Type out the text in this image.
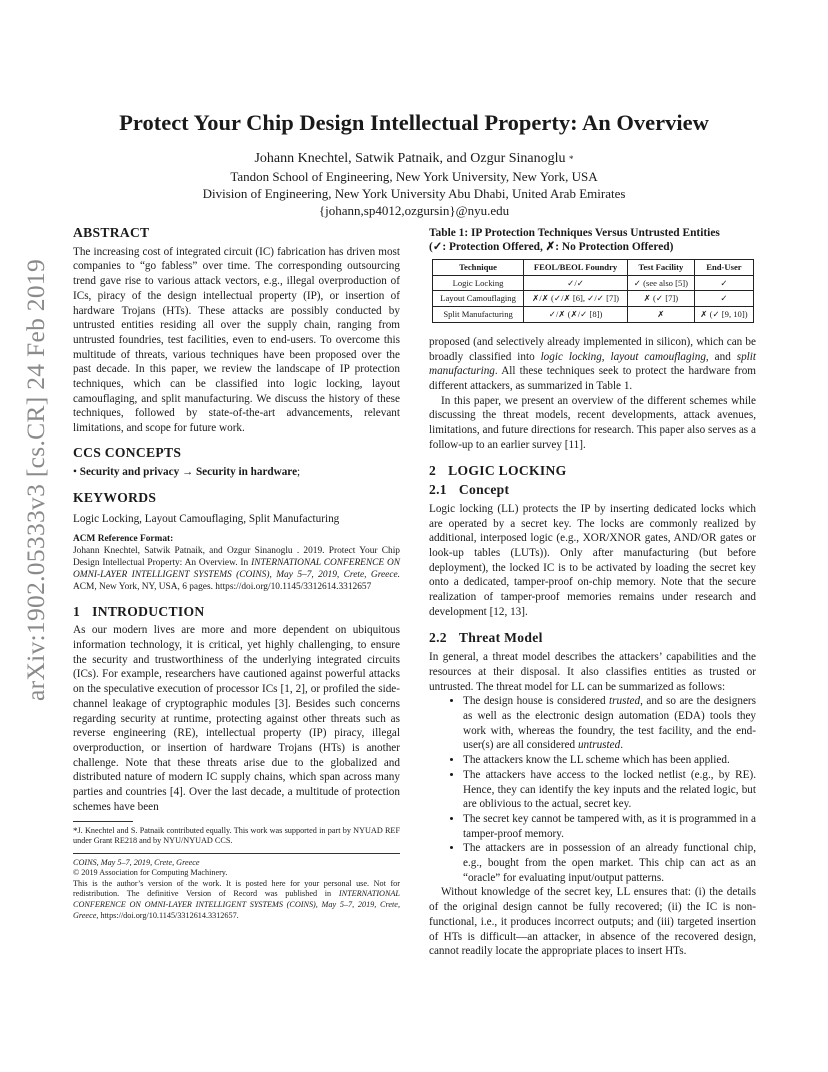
arXiv:1902.05333v3 [cs.CR] 24 Feb 2019
Protect Your Chip Design Intellectual Property: An Overview
Johann Knechtel, Satwik Patnaik, and Ozgur Sinanoglu *
Tandon School of Engineering, New York University, New York, USA
Division of Engineering, New York University Abu Dhabi, United Arab Emirates
{johann,sp4012,ozgursin}@nyu.edu
ABSTRACT

The increasing cost of integrated circuit (IC) fabrication has driven most companies to “go fabless” over time. The corresponding outsourcing trend gave rise to various attack vectors, e.g., illegal overproduction of ICs, piracy of the design intellectual property (IP), or insertion of hardware Trojans (HTs). These attacks are possibly conducted by untrusted entities residing all over the supply chain, ranging from untrusted foundries, test facilities, even to end-users. To overcome this multitude of threats, various techniques have been proposed over the past decade. In this paper, we review the landscape of IP protection techniques, which can be classified into logic locking, layout camouflaging, and split manufacturing. We discuss the history of these techniques, followed by state-of-the-art advancements, relevant limitations, and scope for future work.

CCS CONCEPTS

• Security and privacy → Security in hardware;

KEYWORDS

Logic Locking, Layout Camouflaging, Split Manufacturing

ACM Reference Format:

Johann Knechtel, Satwik Patnaik, and Ozgur Sinanoglu . 2019. Protect Your Chip Design Intellectual Property: An Overview. In INTERNATIONAL CONFERENCE ON OMNI-LAYER INTELLIGENT SYSTEMS (COINS), May 5–7, 2019, Crete, Greece. ACM, New York, NY, USA, 6 pages. https://doi.org/10.1145/3312614.3312657

1 INTRODUCTION

As our modern lives are more and more dependent on ubiquitous information technology, it is critical, yet highly challenging, to ensure the security and trustworthiness of the underlying integrated circuits (ICs). For example, researchers have cautioned against powerful attacks on the speculative execution of processor ICs [1, 2], or profiled the side-channel leakage of cryptographic modules [3]. Besides such concerns regarding security at runtime, protecting against other threats such as reverse engineering (RE), intellectual property (IP) piracy, illegal overproduction, or insertion of hardware Trojans (HTs) is another challenge. Note that these threats arise due to the globalized and distributed nature of modern IC supply chains, which span across many parties and countries [4]. Over the last decade, a multitude of protection schemes have been

*J. Knechtel and S. Patnaik contributed equally. This work was supported in part by NYUAD REF under Grant RE218 and by NYU/NYUAD CCS.

COINS, May 5–7, 2019, Crete, Greece
© 2019 Association for Computing Machinery.

This is the author’s version of the work. It is posted here for your personal use. Not for redistribution. The definitive Version of Record was published in INTERNATIONAL CONFERENCE ON OMNI-LAYER INTELLIGENT SYSTEMS (COINS), May 5–7, 2019, Crete, Greece, https://doi.org/10.1145/3312614.3312657.

Table 1: IP Protection Techniques Versus Untrusted Entities
(✓: Protection Offered, ✗: No Protection Offered)
Technique	FEOL/BEOL Foundry	Test Facility	End-User
Logic Locking	✓/✓	✓ (see also [5])	✓
Layout Camouflaging	✗/✗ (✓/✗ [6], ✓/✓ [7])	✗ (✓ [7])	✓
Split Manufacturing	✓/✗ (✗/✓ [8])	✗	✗ (✓ [9, 10])

proposed (and selectively already implemented in silicon), which can be broadly classified into logic locking, layout camouflaging, and split manufacturing. All these techniques seek to protect the hardware from different attackers, as summarized in Table 1.

In this paper, we present an overview of the different schemes while discussing the threat models, recent developments, attack avenues, limitations, and future directions for research. This paper also serves as a follow-up to an earlier survey [11].

2 LOGIC LOCKING
2.1 Concept

Logic locking (LL) protects the IP by inserting dedicated locks which are operated by a secret key. The locks are commonly realized by additional, interposed logic (e.g., XOR/XNOR gates, AND/OR gates or look-up tables (LUTs)). Only after manufacturing (but before deployment), the locked IC is to be activated by loading the secret key onto a dedicated, tamper-proof on-chip memory. Note that the secure realization of tamper-proof memories remains under research and development [12, 13].

2.2 Threat Model

In general, a threat model describes the attackers’ capabilities and the resources at their disposal. It also classifies entities as trusted or untrusted. The threat model for LL can be summarized as follows:

• The design house is considered trusted, and so are the designers as well as the electronic design automation (EDA) tools they work with, whereas the foundry, the test facility, and the end-user(s) are all considered untrusted.
• The attackers know the LL scheme which has been applied.
• The attackers have access to the locked netlist (e.g., by RE). Hence, they can identify the key inputs and the related logic, but are oblivious to the actual, secret key.
• The secret key cannot be tampered with, as it is programmed in a tamper-proof memory.
• The attackers are in possession of an already functional chip, e.g., bought from the open market. This chip can act as an “oracle” for evaluating input/output patterns.

Without knowledge of the secret key, LL ensures that: (i) the details of the original design cannot be fully recovered; (ii) the IC is non-functional, i.e., it produces incorrect outputs; and (iii) targeted insertion of HTs is difficult—an attacker, in absence of the recovered design, cannot readily locate the appropriate places to insert HTs.
